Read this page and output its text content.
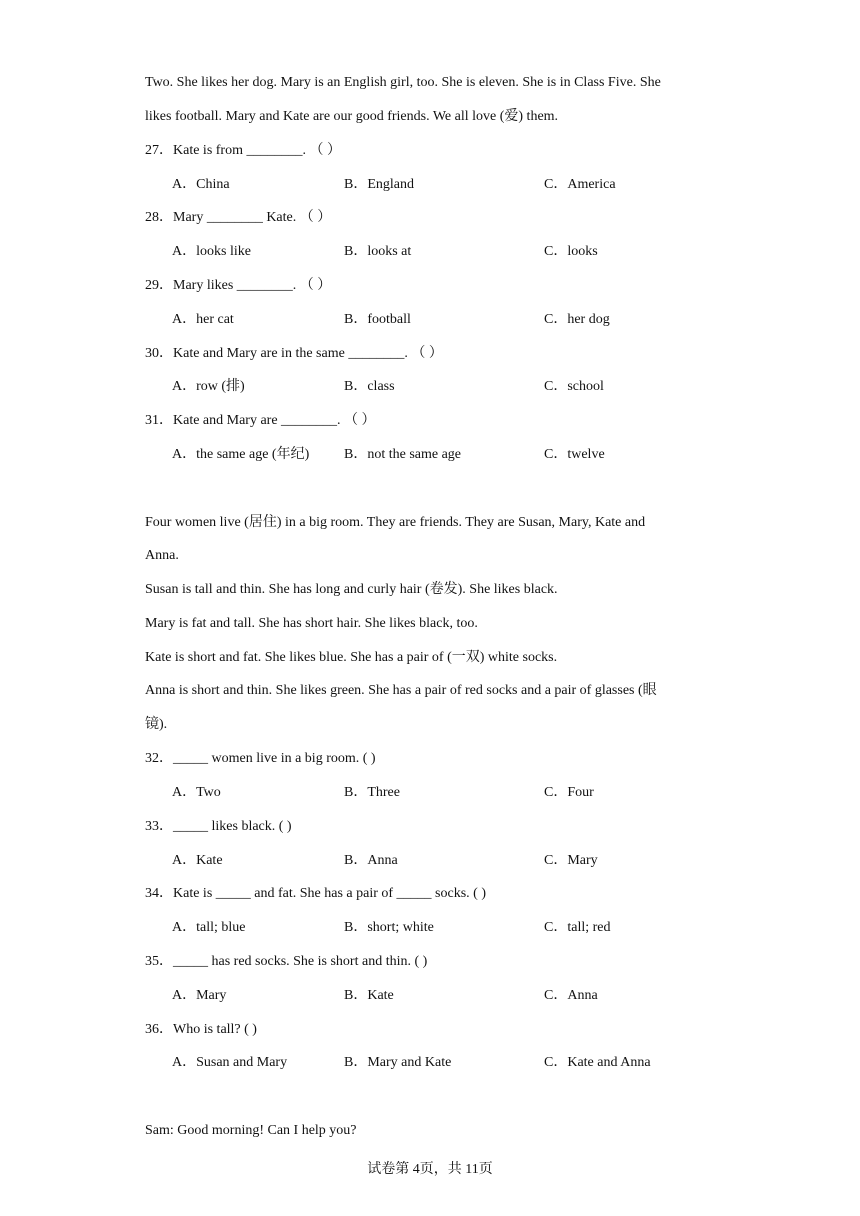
Two. She likes her dog. Mary is an English girl, too. She is eleven. She is in Class Five. She
likes football. Mary and Kate are our good friends. We all love (爱) them.
27．Kate is from ________. （ ）
A．China	B．England	C．America
28．Mary ________ Kate. （ ）
A．looks like	B．looks at	C．looks
29．Mary likes ________. （ ）
A．her cat	B．football	C．her dog
30．Kate and Mary are in the same ________. （ ）
A．row (排)	B．class	C．school
31．Kate and Mary are ________. （ ）
A．the same age (年纪) B．not the same age	C．twelve
Four women live (居住) in a big room. They are friends. They are Susan, Mary, Kate and
Anna.
Susan is tall and thin. She has long and curly hair (卷发). She likes black.
Mary is fat and tall. She has short hair. She likes black, too.
Kate is short and fat. She likes blue. She has a pair of (一双) white socks.
Anna is short and thin. She likes green. She has a pair of red socks and a pair of glasses (眼
镜).
32．_____ women live in a big room. ( )
A．Two	B．Three	C．Four
33．_____ likes black. ( )
A．Kate	B．Anna	C．Mary
34．Kate is _____ and fat. She has a pair of _____ socks. ( )
A．tall; blue	B．short; white	C．tall; red
35．_____ has red socks. She is short and thin. ( )
A．Mary	B．Kate	C．Anna
36．Who is tall? ( )
A．Susan and Mary	B．Mary and Kate	C．Kate and Anna
Sam: Good morning! Can I help you?
试卷第 4页，共 11页
